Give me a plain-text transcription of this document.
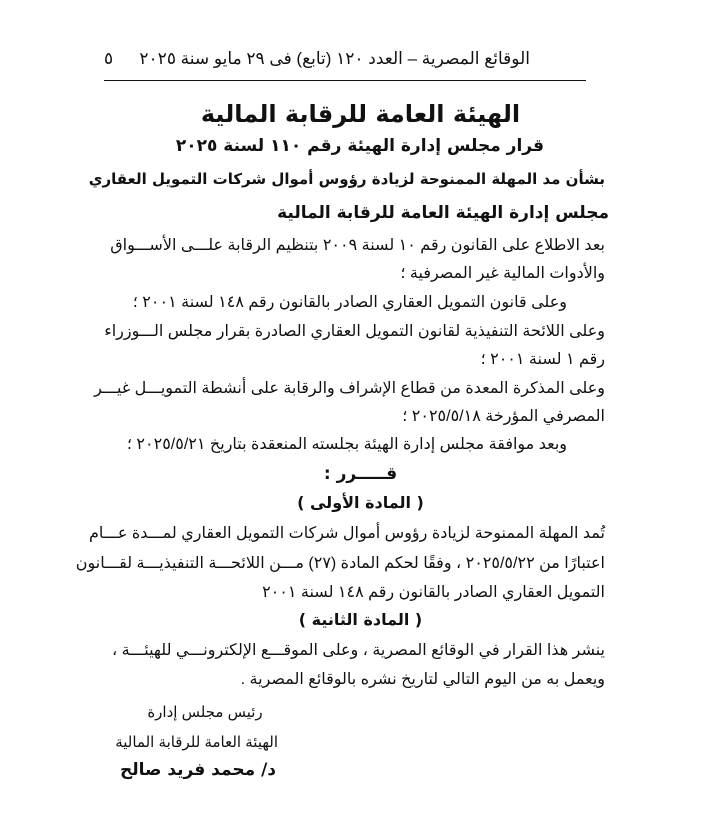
الوقائع المصرية – العدد ١٢٠ (تابع) فى ٢٩ مايو سنة ٢٠٢٥
٥
الهيئة العامة للرقابة المالية
قرار مجلس إدارة الهيئة رقم ١١٠ لسنة ٢٠٢٥
بشأن مد المهلة الممنوحة لزيادة رؤوس أموال شركات التمويل العقاري
مجلس إدارة الهيئة العامة للرقابة المالية
بعد الاطلاع على القانون رقم ١٠ لسنة ٢٠٠٩ بتنظيم الرقابة علـــى الأســـواق
والأدوات المالية غير المصرفية ؛
وعلى قانون التمويل العقاري الصادر بالقانون رقم ١٤٨ لسنة ٢٠٠١ ؛
وعلى اللائحة التنفيذية لقانون التمويل العقاري الصادرة بقرار مجلس الـــوزراء
رقم ١ لسنة ٢٠٠١ ؛
وعلى المذكرة المعدة من قطاع الإشراف والرقابة على أنشطة التمويـــل غيـــر
المصرفي المؤرخة ٢٠٢٥/٥/١٨ ؛
وبعد موافقة مجلس إدارة الهيئة بجلسته المنعقدة بتاريخ ٢٠٢٥/٥/٢١ ؛
قـــــرر :
( المادة الأولى )
تُمد المهلة الممنوحة لزيادة رؤوس أموال شركات التمويل العقاري لمـــدة عـــام
اعتبارًا من ٢٠٢٥/٥/٢٢ ، وفقًا لحكم المادة (٢٧) مـــن اللائحـــة التنفيذيـــة لقـــانون
التمويل العقاري الصادر بالقانون رقم ١٤٨ لسنة ٢٠٠١
( المادة الثانية )
ينشر هذا القرار في الوقائع المصرية ، وعلى الموقـــع الإلكترونـــي للهيئـــة ،
ويعمل به من اليوم التالي لتاريخ نشره بالوقائع المصرية .
رئيس مجلس إدارة
الهيئة العامة للرقابة المالية
د/ محمد فريد صالح
